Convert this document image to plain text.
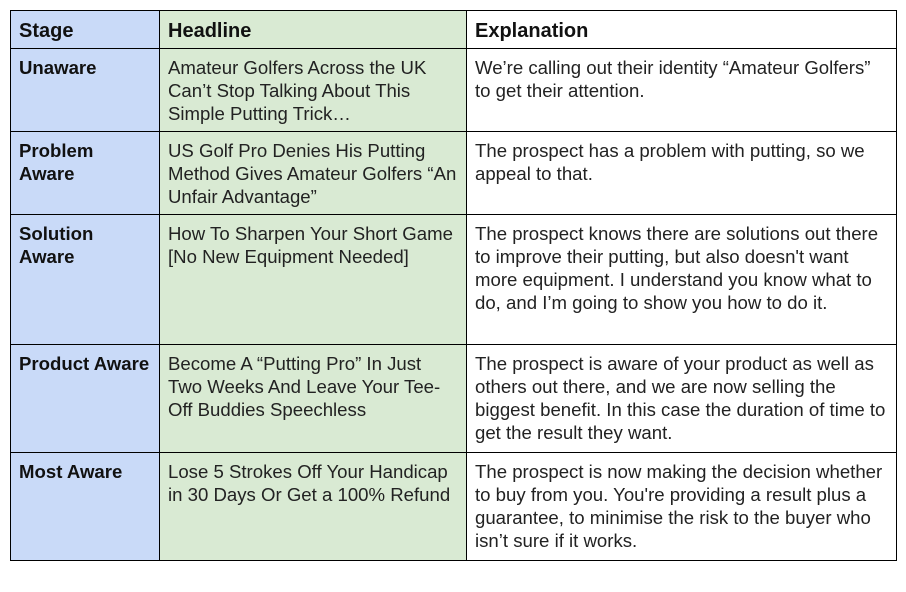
Stage	Headline	Explanation
Unaware	Amateur Golfers Across the UK Can’t Stop Talking About This Simple Putting Trick…	We’re calling out their identity “Amateur Golfers” to get their attention.
Problem Aware	US Golf Pro Denies His Putting Method Gives Amateur Golfers “An Unfair Advantage”	The prospect has a problem with putting, so we appeal to that.
Solution Aware	How To Sharpen Your Short Game [No New Equipment Needed]	The prospect knows there are solutions out there to improve their putting, but also doesn't want more equipment. I understand you know what to do, and I’m going to show you how to do it.
Product Aware	Become A “Putting Pro” In Just Two Weeks And Leave Your Tee-Off Buddies Speechless	The prospect is aware of your product as well as others out there, and we are now selling the biggest benefit. In this case the duration of time to get the result they want.
Most Aware	Lose 5 Strokes Off Your Handicap in 30 Days Or Get a 100% Refund	The prospect is now making the decision whether to buy from you. You're providing a result plus a guarantee, to minimise the risk to the buyer who isn’t sure if it works.
